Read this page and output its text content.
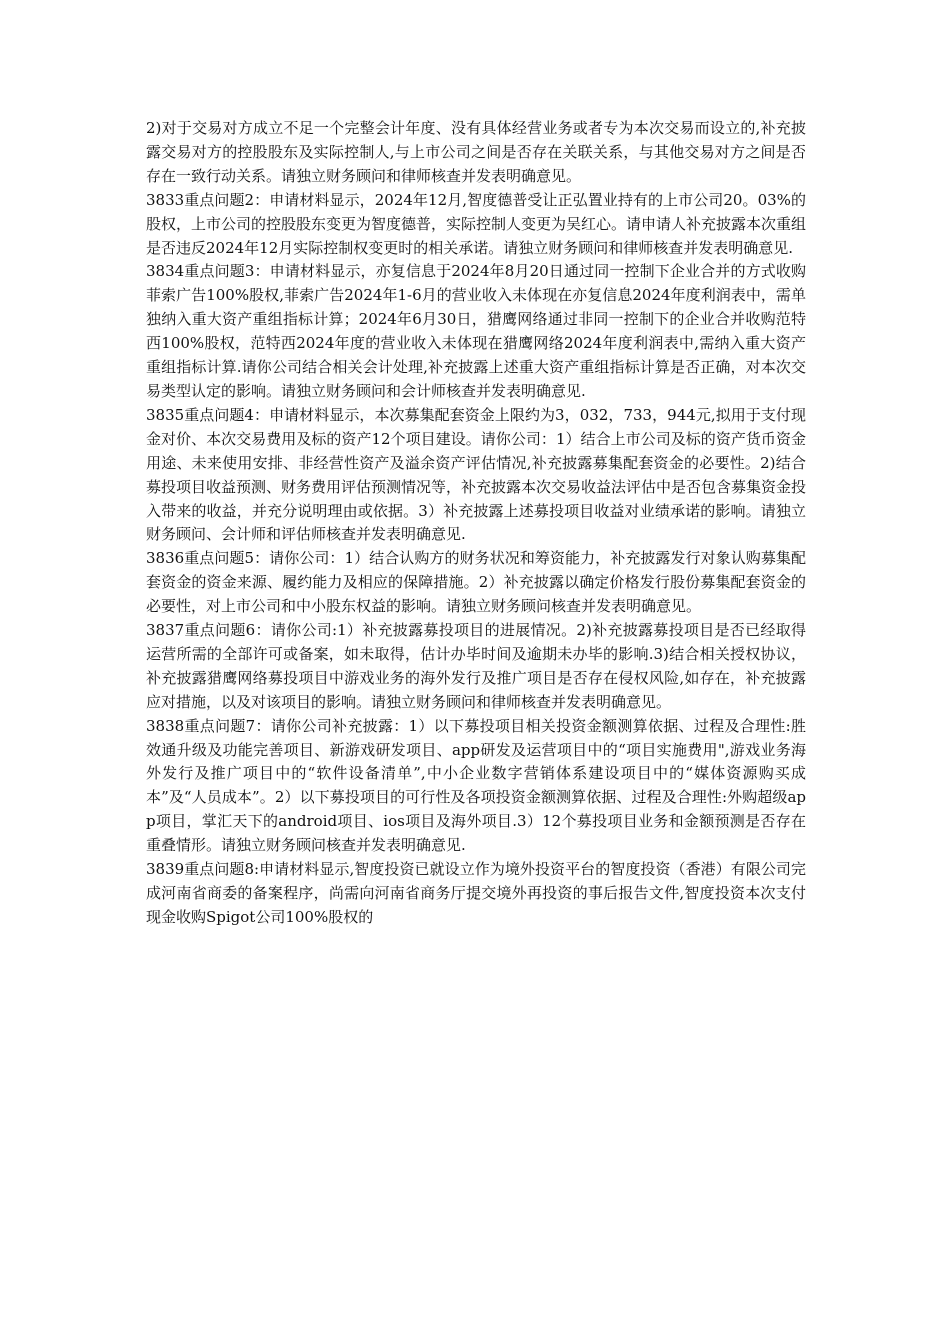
2)对于交易对方成立不足一个完整会计年度、没有具体经营业务或者专为本次交易而设立的,补充披露交易对方的控股股东及实际控制人,与上市公司之间是否存在关联关系，与其他交易对方之间是否存在一致行动关系。请独立财务顾问和律师核查并发表明确意见。

3833重点问题2：申请材料显示，2024年12月,智度德普受让正弘置业持有的上市公司20。03%的股权，上市公司的控股股东变更为智度德普，实际控制人变更为吴红心。请申请人补充披露本次重组是否违反2024年12月实际控制权变更时的相关承诺。请独立财务顾问和律师核查并发表明确意见.

3834重点问题3：申请材料显示，亦复信息于2024年8月20日通过同一控制下企业合并的方式收购菲索广告100%股权,菲索广告2024年1-6月的营业收入未体现在亦复信息2024年度利润表中，需单独纳入重大资产重组指标计算；2024年6月30日，猎鹰网络通过非同一控制下的企业合并收购范特西100%股权，范特西2024年度的营业收入未体现在猎鹰网络2024年度利润表中,需纳入重大资产重组指标计算.请你公司结合相关会计处理,补充披露上述重大资产重组指标计算是否正确，对本次交易类型认定的影响。请独立财务顾问和会计师核查并发表明确意见.

3835重点问题4：申请材料显示，本次募集配套资金上限约为3，032，733，944元,拟用于支付现金对价、本次交易费用及标的资产12个项目建设。请你公司：1）结合上市公司及标的资产货币资金用途、未来使用安排、非经营性资产及溢余资产评估情况,补充披露募集配套资金的必要性。2)结合募投项目收益预测、财务费用评估预测情况等，补充披露本次交易收益法评估中是否包含募集资金投入带来的收益，并充分说明理由或依据。3）补充披露上述募投项目收益对业绩承诺的影响。请独立财务顾问、会计师和评估师核查并发表明确意见.

3836重点问题5：请你公司：1）结合认购方的财务状况和筹资能力，补充披露发行对象认购募集配套资金的资金来源、履约能力及相应的保障措施。2）补充披露以确定价格发行股份募集配套资金的必要性，对上市公司和中小股东权益的影响。请独立财务顾问核查并发表明确意见。

3837重点问题6：请你公司:1）补充披露募投项目的进展情况。2)补充披露募投项目是否已经取得运营所需的全部许可或备案，如未取得，估计办毕时间及逾期未办毕的影响.3)结合相关授权协议，补充披露猎鹰网络募投项目中游戏业务的海外发行及推广项目是否存在侵权风险,如存在，补充披露应对措施，以及对该项目的影响。请独立财务顾问和律师核查并发表明确意见。

3838重点问题7：请你公司补充披露：1）以下募投项目相关投资金额测算依据、过程及合理性:胜效通升级及功能完善项目、新游戏研发项目、app研发及运营项目中的“项目实施费用",游戏业务海外发行及推广项目中的“软件设备清单”,中小企业数字营销体系建设项目中的“媒体资源购买成本”及“人员成本”。2）以下募投项目的可行性及各项投资金额测算依据、过程及合理性:外购超级app项目，掌汇天下的android项目、ios项目及海外项目.3）12个募投项目业务和金额预测是否存在重叠情形。请独立财务顾问核查并发表明确意见.

3839重点问题8:申请材料显示,智度投资已就设立作为境外投资平台的智度投资（香港）有限公司完成河南省商委的备案程序，尚需向河南省商务厅提交境外再投资的事后报告文件,智度投资本次支付现金收购Spigot公司100%股权的
